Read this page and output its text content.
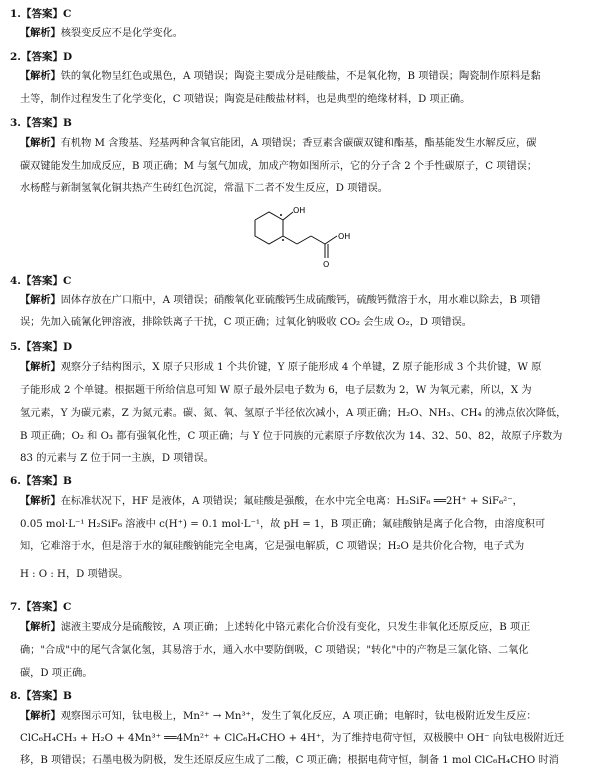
1.【答案】C
【解析】核裂变反应不是化学变化。
2.【答案】D
【解析】铁的氧化物呈红色或黑色，A 项错误；陶瓷主要成分是硅酸盐，不是氧化物，B 项错误；陶瓷制作原料是黏
土等，制作过程发生了化学变化，C 项错误；陶瓷是硅酸盐材料，也是典型的绝缘材料，D 项正确。
3.【答案】B
【解析】有机物 M 含羧基、羟基两种含氧官能团，A 项错误；香豆素含碳碳双键和酯基，酯基能发生水解反应，碳
碳双键能发生加成反应，B 项正确；M 与氢气加成，加成产物如图所示，它的分子含 2 个手性碳原子，C 项错误；
水杨醛与新制氢氧化铜共热产生砖红色沉淀，常温下二者不发生反应，D 项错误。
OH
OH
O
4.【答案】C
【解析】固体存放在广口瓶中，A 项错误；硝酸氧化亚硫酸钙生成硫酸钙，硫酸钙微溶于水，用水难以除去，B 项错
误；先加入硫氰化钾溶液，排除铁离子干扰，C 项正确；过氧化钠吸收 CO₂ 会生成 O₂，D 项错误。
5.【答案】D
【解析】观察分子结构图示，X 原子只形成 1 个共价键，Y 原子能形成 4 个单键，Z 原子能形成 3 个共价键，W 原
子能形成 2 个单键。根据题干所给信息可知 W 原子最外层电子数为 6，电子层数为 2，W 为氧元素，所以，X 为
氢元素，Y 为碳元素，Z 为氮元素。碳、氮、氧、氢原子半径依次减小，A 项正确；H₂O、NH₃、CH₄ 的沸点依次降低，
B 项正确；O₂ 和 O₃ 都有强氧化性，C 项正确；与 Y 位于同族的元素原子序数依次为 14、32、50、82，故原子序数为
83 的元素与 Z 位于同一主族，D 项错误。
6.【答案】B
【解析】在标准状况下，HF 是液体，A 项错误；氟硅酸是强酸，在水中完全电离：H₂SiF₆ ══2H⁺ + SiF₆²⁻，
0.05 mol·L⁻¹ H₂SiF₆ 溶液中 c(H⁺) = 0.1 mol·L⁻¹，故 pH = 1，B 项正确；氟硅酸钠是离子化合物，由溶度积可
知，它难溶于水，但是溶于水的氟硅酸钠能完全电离，它是强电解质，C 项错误；H₂O 是共价化合物，电子式为
H : O : H，D 项错误。
7.【答案】C
【解析】滤液主要成分是硫酸铵，A 项正确；上述转化中铬元素化合价没有变化，只发生非氧化还原反应，B 项正
确；"合成"中的尾气含氯化氢，其易溶于水，通入水中要防倒吸，C 项错误；"转化"中的产物是三氯化铬、二氧化
碳，D 项正确。
8.【答案】B
【解析】观察图示可知，钛电极上，Mn²⁺ → Mn³⁺，发生了氧化反应，A 项正确；电解时，钛电极附近发生反应：
ClC₆H₄CH₃ + H₂O + 4Mn³⁺ ══4Mn²⁺ + ClC₆H₄CHO + 4H⁺，为了维持电荷守恒，双极膜中 OH⁻ 向钛电极附近迁
移，B 项错误；石墨电极为阴极，发生还原反应生成了二酸，C 项正确；根据电荷守恒，制备 1 mol ClC₆H₄CHO 时消
